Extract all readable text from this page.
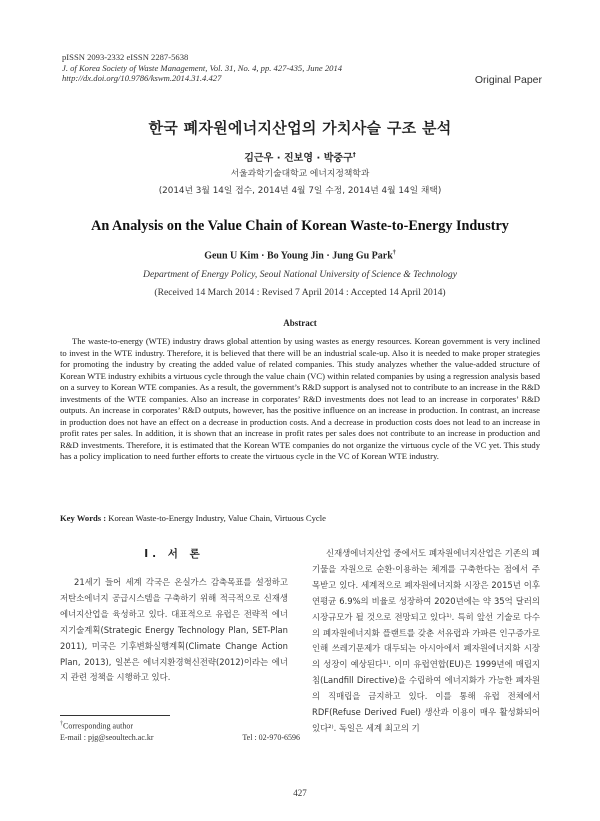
pISSN 2093-2332 eISSN 2287-5638
J. of Korea Society of Waste Management, Vol. 31, No. 4, pp. 427-435, June 2014
http://dx.doi.org/10.9786/kswm.2014.31.4.427	Original Paper
한국 폐자원에너지산업의 가치사슬 구조 분석
김근우 · 진보영 · 박중구†
서울과학기술대학교 에너지정책학과
(2014년 3월 14일 접수, 2014년 4월 7일 수정, 2014년 4월 14일 채택)
An Analysis on the Value Chain of Korean Waste-to-Energy Industry
Geun U Kim · Bo Young Jin · Jung Gu Park†
Department of Energy Policy, Seoul National University of Science & Technology
(Received 14 March 2014 : Revised 7 April 2014 : Accepted 14 April 2014)
Abstract
The waste-to-energy (WTE) industry draws global attention by using wastes as energy resources. Korean government is very inclined to invest in the WTE industry. Therefore, it is believed that there will be an industrial scale-up. Also it is needed to make proper strategies for promoting the industry by creating the added value of related companies. This study analyzes whether the value-added structure of Korean WTE industry exhibits a virtuous cycle through the value chain (VC) within related companies by using a regression analysis based on a survey to Korean WTE companies. As a result, the government’s R&D support is analysed not to contribute to an increase in the R&D investments of the WTE companies. Also an increase in corporates’ R&D investments does not lead to an increase in corporates’ R&D outputs. An increase in corporates’ R&D outputs, however, has the positive influence on an increase in production. In contrast, an increase in production does not have an effect on a decrease in production costs. And a decrease in production costs does not lead to an increase in profit rates per sales. In addition, it is shown that an increase in profit rates per sales does not contribute to an increase in production and R&D investments. Therefore, it is estimated that the Korean WTE companies do not organize the virtuous cycle of the VC yet. This study has a policy implication to need further efforts to create the virtuous cycle in the VC of Korean WTE industry.
Key Words : Korean Waste-to-Energy Industry, Value Chain, Virtuous Cycle
I. 서 론

21세기 들어 세계 각국은 온실가스 감축목표를 설정하고 저탄소에너지 공급시스템을 구축하기 위해 적극적으로 신재생에너지산업을 육성하고 있다. 대표적으로 유럽은 전략적 에너지기술계획(Strategic Energy Technology Plan, SET-Plan 2011), 미국은 기후변화실행계획(Climate Change Action Plan, 2013), 일본은 에너지환경혁신전략(2012)이라는 에너지 관련 정책을 시행하고 있다.

신재생에너지산업 중에서도 폐자원에너지산업은 기존의 폐기물을 자원으로 순환·이용하는 체계를 구축한다는 점에서 주목받고 있다. 세계적으로 폐자원에너지화 시장은 2015년 이후 연평균 6.9%의 비율로 성장하여 2020년에는 약 35억 달러의 시장규모가 될 것으로 전망되고 있다¹⁾. 특히 앞선 기술로 다수의 폐자원에너지화 플랜트를 갖춘 서유럽과 가파른 인구증가로 인해 쓰레기문제가 대두되는 아시아에서 폐자원에너지화 시장의 성장이 예상된다¹⁾. 이미 유럽연합(EU)은 1999년에 매립지침(Landfill Directive)을 수립하여 에너지화가 가능한 폐자원의 직매립을 금지하고 있다. 이를 통해 유럽 전체에서 RDF(Refuse Derived Fuel) 생산과 이용이 매우 활성화되어 있다²⁾. 독일은 세계 최고의 기

†Corresponding author
E-mail : pjg@seoultech.ac.kr	Tel : 02-970-6596
427
